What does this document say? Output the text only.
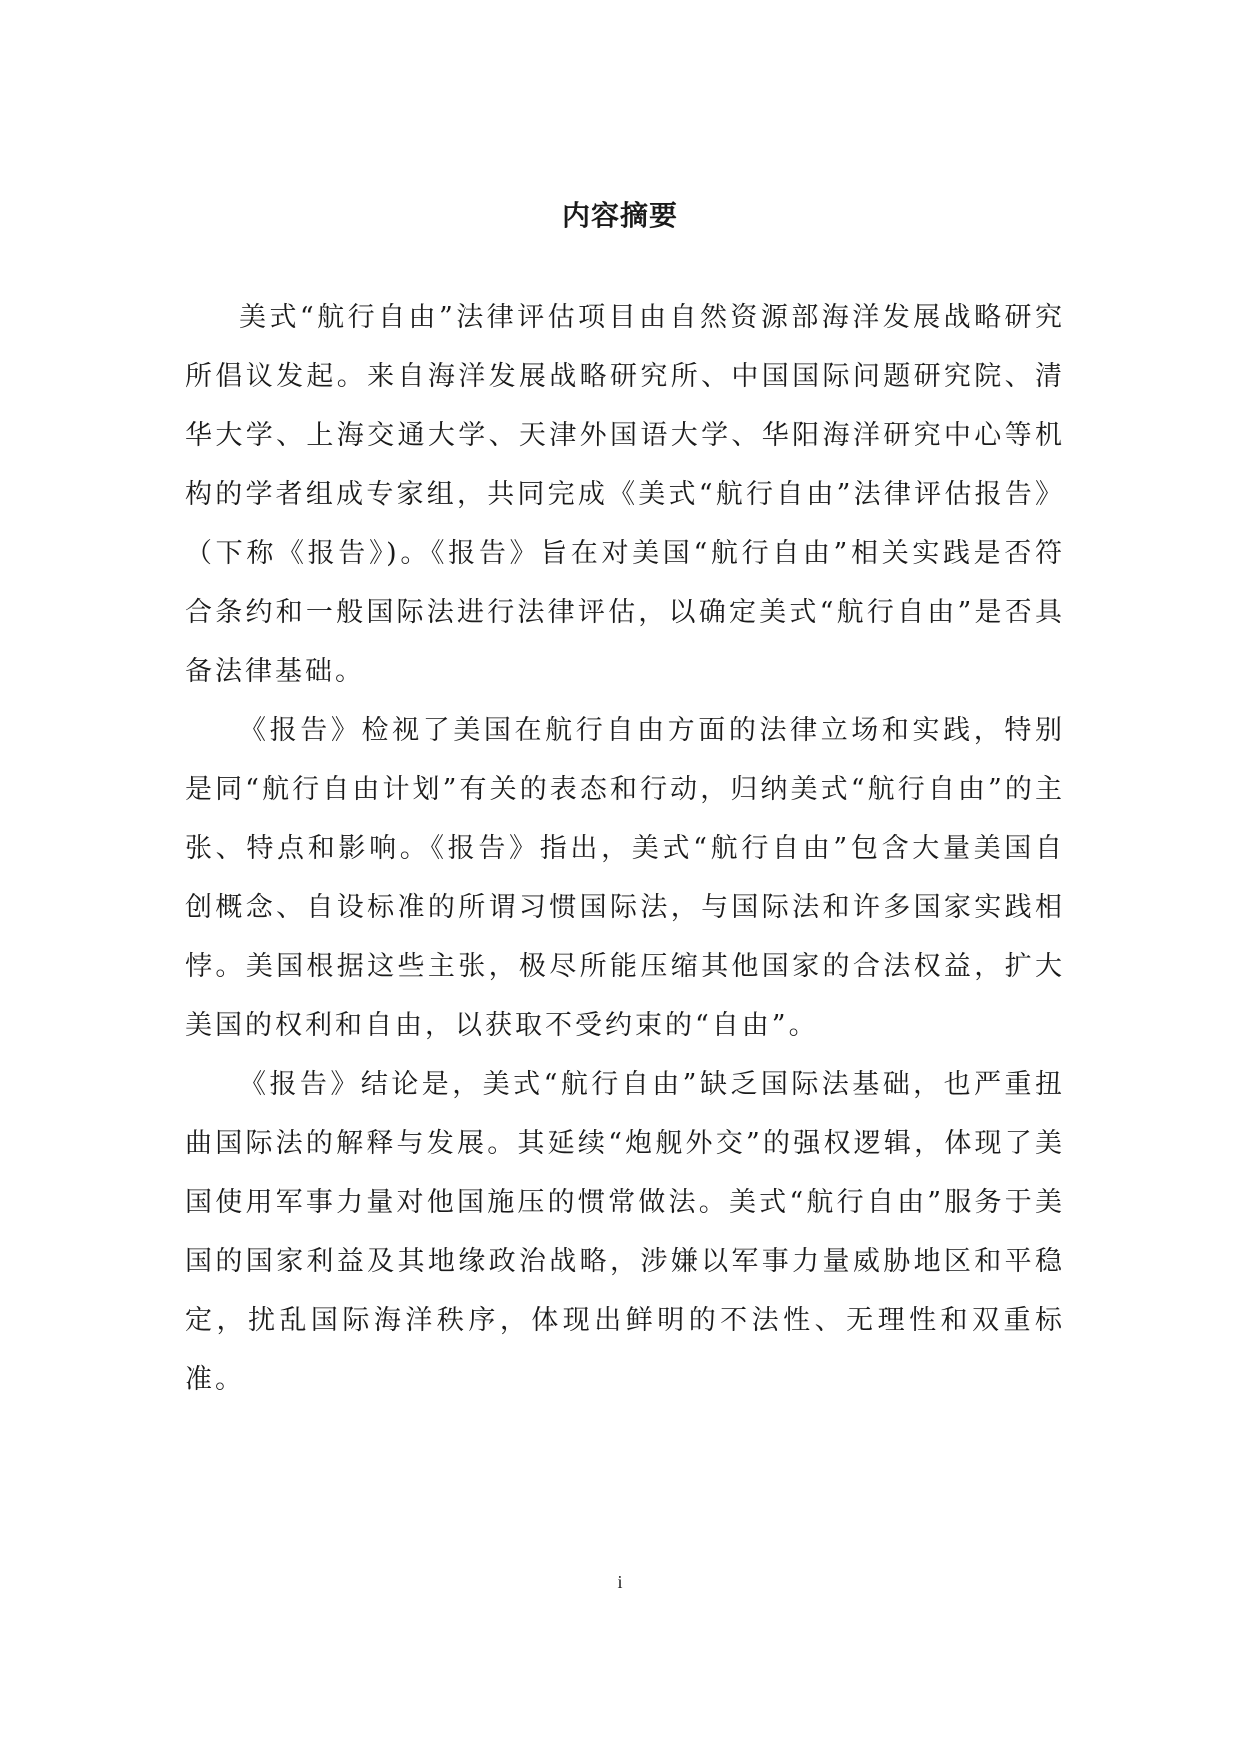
内容摘要

美式“航行自由”法律评估项目由自然资源部海洋发展战略研究所倡议发起。来自海洋发展战略研究所、中国国际问题研究院、清华大学、上海交通大学、天津外国语大学、华阳海洋研究中心等机构的学者组成专家组，共同完成《美式“航行自由”法律评估报告》（下称《报告》)。《报告》旨在对美国“航行自由”相关实践是否符合条约和一般国际法进行法律评估，以确定美式“航行自由”是否具备法律基础。

《报告》检视了美国在航行自由方面的法律立场和实践，特别是同“航行自由计划”有关的表态和行动，归纳美式“航行自由”的主张、特点和影响。《报告》指出，美式“航行自由”包含大量美国自创概念、自设标准的所谓习惯国际法，与国际法和许多国家实践相悖。美国根据这些主张，极尽所能压缩其他国家的合法权益，扩大美国的权利和自由，以获取不受约束的“自由”。

《报告》结论是，美式“航行自由”缺乏国际法基础，也严重扭曲国际法的解释与发展。其延续“炮舰外交”的强权逻辑，体现了美国使用军事力量对他国施压的惯常做法。美式“航行自由”服务于美国的国家利益及其地缘政治战略，涉嫌以军事力量威胁地区和平稳定，扰乱国际海洋秩序，体现出鲜明的不法性、无理性和双重标准。

i
